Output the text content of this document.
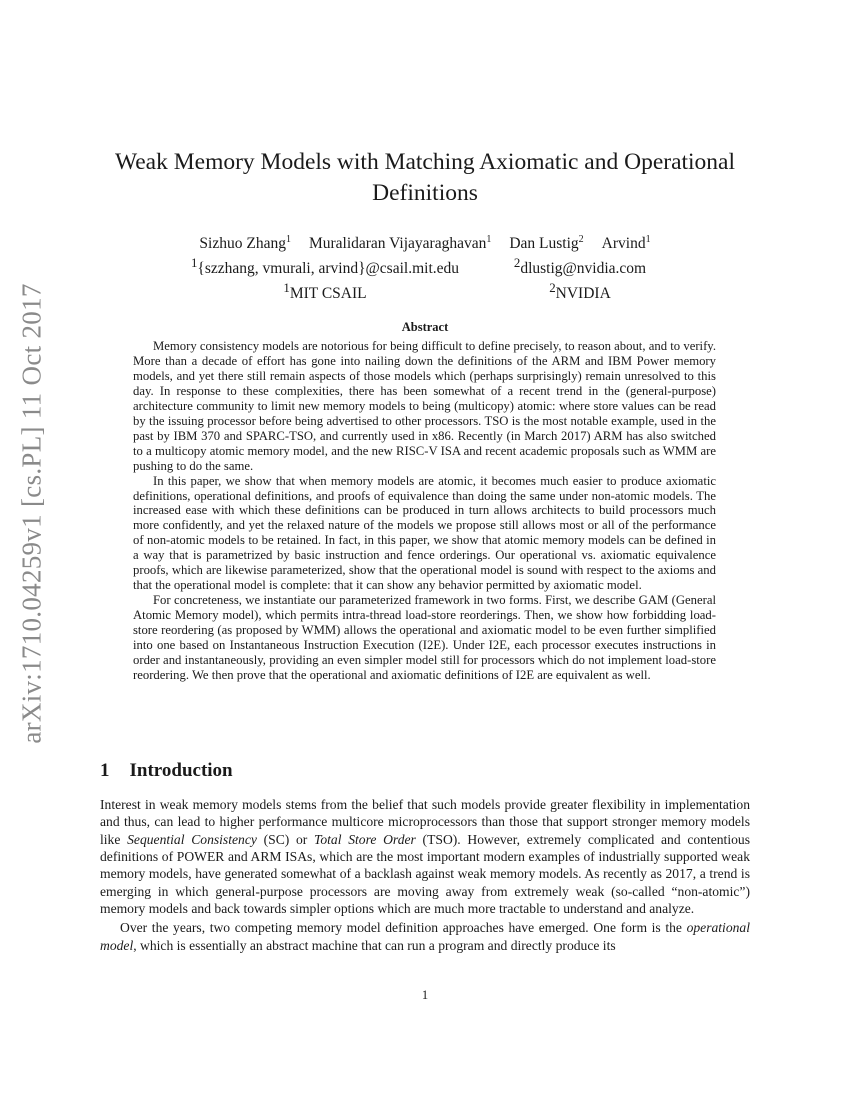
arXiv:1710.04259v1 [cs.PL] 11 Oct 2017
Weak Memory Models with Matching Axiomatic and Operational Definitions
Sizhuo Zhang$^1$ Muralidaran Vijayaraghavan$^1$ Dan Lustig$^2$ Arvind$^1$
$^1${szzhang, vmurali, arvind}@csail.mit.edu	$^2$dlustig@nvidia.com
$^1$MIT CSAIL	$^2$NVIDIA
Abstract

Memory consistency models are notorious for being difficult to define precisely, to reason about, and to verify. More than a decade of effort has gone into nailing down the definitions of the ARM and IBM Power memory models, and yet there still remain aspects of those models which (perhaps surprisingly) remain unresolved to this day. In response to these complexities, there has been somewhat of a recent trend in the (general-purpose) architecture community to limit new memory models to being (multicopy) atomic: where store values can be read by the issuing processor before being advertised to other processors. TSO is the most notable example, used in the past by IBM 370 and SPARC-TSO, and currently used in x86. Recently (in March 2017) ARM has also switched to a multicopy atomic memory model, and the new RISC-V ISA and recent academic proposals such as WMM are pushing to do the same.

In this paper, we show that when memory models are atomic, it becomes much easier to produce axiomatic definitions, operational definitions, and proofs of equivalence than doing the same under non-atomic models. The increased ease with which these definitions can be produced in turn allows architects to build processors much more confidently, and yet the relaxed nature of the models we propose still allows most or all of the performance of non-atomic models to be retained. In fact, in this paper, we show that atomic memory models can be defined in a way that is parametrized by basic instruction and fence orderings. Our operational vs. axiomatic equivalence proofs, which are likewise parameterized, show that the operational model is sound with respect to the axioms and that the operational model is complete: that it can show any behavior permitted by axiomatic model.

For concreteness, we instantiate our parameterized framework in two forms. First, we describe GAM (General Atomic Memory model), which permits intra-thread load-store reorderings. Then, we show how forbidding load-store reordering (as proposed by WMM) allows the operational and axiomatic model to be even further simplified into one based on Instantaneous Instruction Execution (I2E). Under I2E, each processor executes instructions in order and instantaneously, providing an even simpler model still for processors which do not implement load-store reordering. We then prove that the operational and axiomatic definitions of I2E are equivalent as well.

1 Introduction

Interest in weak memory models stems from the belief that such models provide greater flexibility in implementation and thus, can lead to higher performance multicore microprocessors than those that support stronger memory models like Sequential Consistency (SC) or Total Store Order (TSO). However, extremely complicated and contentious definitions of POWER and ARM ISAs, which are the most important modern examples of industrially supported weak memory models, have generated somewhat of a backlash against weak memory models. As recently as 2017, a trend is emerging in which general-purpose processors are moving away from extremely weak (so-called “non-atomic”) memory models and back towards simpler options which are much more tractable to understand and analyze.

Over the years, two competing memory model definition approaches have emerged. One form is the operational model, which is essentially an abstract machine that can run a program and directly produce its

1
